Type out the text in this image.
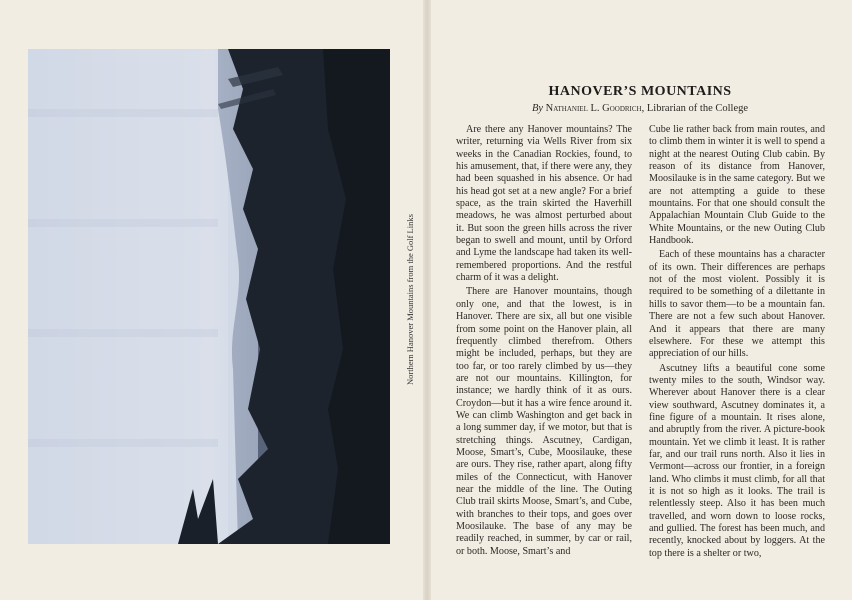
Northern Hanover Mountains from the Golf Links
HANOVER’S MOUNTAINS
By Nathaniel L. Goodrich, Librarian of the College

Are there any Hanover mountains? The writer, returning via Wells River from six weeks in the Canadian Rockies, found, to his amusement, that, if there were any, they had been squashed in his absence. Or had his head got set at a new angle? For a brief space, as the train skirted the Haverhill meadows, he was almost perturbed about it. But soon the green hills across the river began to swell and mount, until by Orford and Lyme the landscape had taken its well-remembered proportions. And the restful charm of it was a delight.

There are Hanover mountains, though only one, and that the lowest, is in Hanover. There are six, all but one visible from some point on the Hanover plain, all frequently climbed therefrom. Others might be included, perhaps, but they are too far, or too rarely climbed by us—they are not our mountains. Killington, for instance; we hardly think of it as ours. Croydon—but it has a wire fence around it. We can climb Washington and get back in a long summer day, if we motor, but that is stretching things. Ascutney, Cardigan, Moose, Smart’s, Cube, Moosilauke, these are ours. They rise, rather apart, along fifty miles of the Connecticut, with Hanover near the middle of the line. The Outing Club trail skirts Moose, Smart’s, and Cube, with branches to their tops, and goes over Moosilauke. The base of any may be readily reached, in summer, by car or rail, or both. Moose, Smart’s and

Cube lie rather back from main routes, and to climb them in winter it is well to spend a night at the nearest Outing Club cabin. By reason of its distance from Hanover, Moosilauke is in the same category. But we are not attempting a guide to these mountains. For that one should consult the Appalachian Mountain Club Guide to the White Mountains, or the new Outing Club Handbook.

Each of these mountains has a character of its own. Their differences are perhaps not of the most violent. Possibly it is required to be something of a dilettante in hills to savor them—to be a mountain fan. There are not a few such about Hanover. And it appears that there are many elsewhere. For these we attempt this appreciation of our hills.

Ascutney lifts a beautiful cone some twenty miles to the south, Windsor way. Wherever about Hanover there is a clear view southward, Ascutney dominates it, a fine figure of a mountain. It rises alone, and abruptly from the river. A picture-book mountain. Yet we climb it least. It is rather far, and our trail runs north. Also it lies in Vermont—across our frontier, in a foreign land. Who climbs it must climb, for all that it is not so high as it looks. The trail is relentlessly steep. Also it has been much travelled, and worn down to loose rocks, and gullied. The forest has been much, and recently, knocked about by loggers. At the top there is a shelter or two,
